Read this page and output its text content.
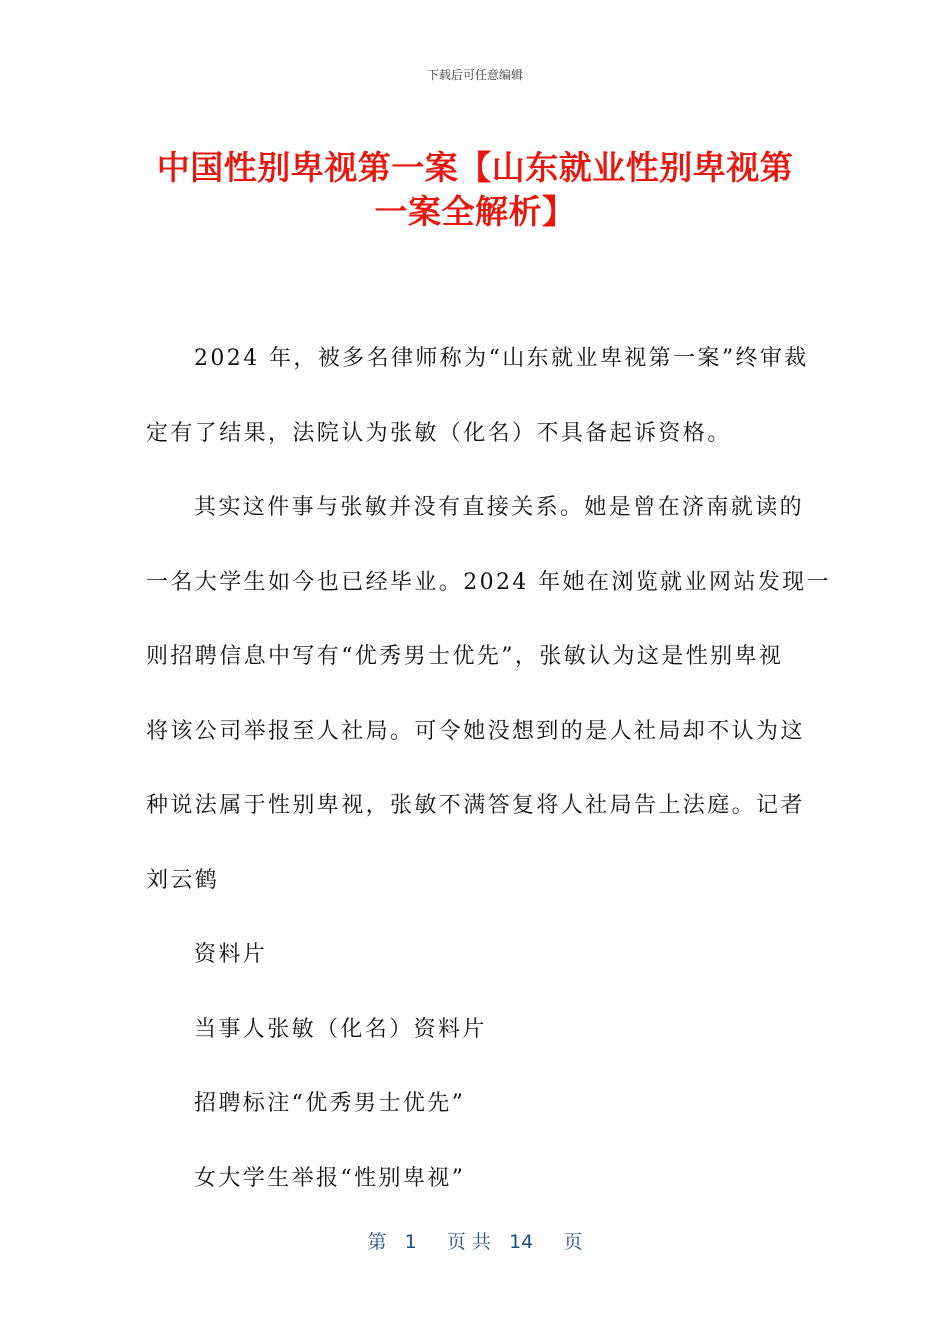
下载后可任意编辑
中国性别卑视第一案【山东就业性别卑视第
一案全解析】

2024 年，被多名律师称为“山东就业卑视第一案”终审裁
定有了结果，法院认为张敏（化名）不具备起诉资格。

其实这件事与张敏并没有直接关系。她是曾在济南就读的
一名大学生如今也已经毕业。2024 年她在浏览就业网站发现一
则招聘信息中写有“优秀男士优先”，张敏认为这是性别卑视
将该公司举报至人社局。可令她没想到的是人社局却不认为这
种说法属于性别卑视，张敏不满答复将人社局告上法庭。记者
刘云鹤

资料片

当事人张敏（化名）资料片

招聘标注“优秀男士优先”

女大学生举报“性别卑视”

第   1     页 共   14     页
